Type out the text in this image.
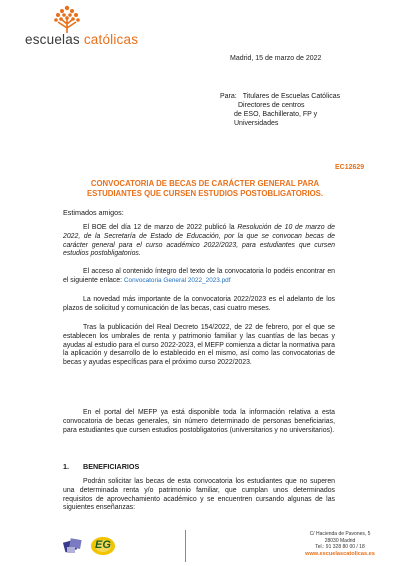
escuelas católicas
Madrid, 15 de marzo de 2022
Para: Titulares de Escuelas Católicas
Directores de centros
de ESO, Bachillerato, FP y
Universidades
EC12629
CONVOCATORIA DE BECAS DE CARÁCTER GENERAL PARA
ESTUDIANTES QUE CURSEN ESTUDIOS POSTOBLIGATORIOS.
Estimados amigos:
El BOE del día 12 de marzo de 2022 publicó la Resolución de 10 de marzo de 2022, de la Secretaría de Estado de Educación, por la que se convocan becas de carácter general para el curso académico 2022/2023, para estudiantes que cursen estudios postobligatorios.
El acceso al contenido íntegro del texto de la convocatoria lo podéis encontrar en el siguiente enlace: Convocatoria General 2022_2023.pdf
La novedad más importante de la convocatoria 2022/2023 es el adelanto de los plazos de solicitud y comunicación de las becas, casi cuatro meses.
Tras la publicación del Real Decreto 154/2022, de 22 de febrero, por el que se establecen los umbrales de renta y patrimonio familiar y las cuantías de las becas y ayudas al estudio para el curso 2022-2023, el MEFP comienza a dictar la normativa para la aplicación y desarrollo de lo establecido en el mismo, así como las convocatorias de becas y ayudas específicas para el próximo curso 2022/2023.
En el portal del MEFP ya está disponible toda la información relativa a esta convocatoria de becas generales, sin número determinado de personas beneficiarias, para estudiantes que cursen estudios postobligatorios (universitarios y no universitarios).
1. BENEFICIARIOS
Podrán solicitar las becas de esta convocatoria los estudiantes que no superen una determinada renta y/o patrimonio familiar, que cumplan unos determinados requisitos de aprovechamiento académico y se encuentren cursando algunas de las siguientes enseñanzas:
EG
C/ Hacienda de Pavones, 5
28030 Madrid
Tel.: 91 328 80 00 / 18
www.escuelascatolicas.es
